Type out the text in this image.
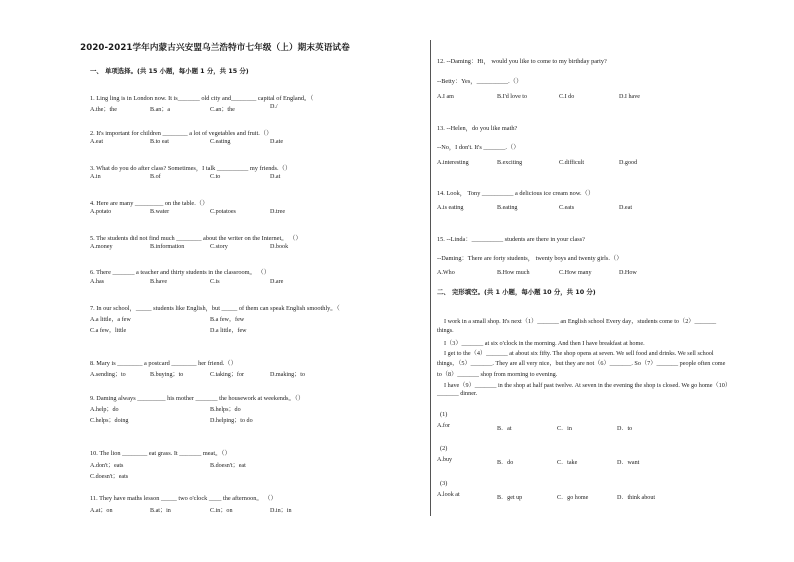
2020-2021学年内蒙古兴安盟乌兰浩特市七年级（上）期末英语试卷
一、 单项选择。(共 15 小题，每小题 1 分，共 15 分)
1. Ling ling is in London now. It is_______ old city and________ capital of England。（
A.the；the	B.an；a	C.an；the	D./
2. It's important for children ________ a lot of vegetables and fruit.（）
A.eat	B.to eat	C.eating	D.ate
3. What do you do after class? Sometimes，I talk __________ my friends.（）
A.in	B.of	C.to	D.at
4. Here are many _________ on the table.（）
A.potato	B.water	C.potatoes	D.tree
5. The students did not find much ________ about the writer on the Internet。 （）
A.money	B.information	C.story	D.book
6. There _______ a teacher and thirty students in the classroom。 （）
A.has	B.have	C.is	D.are
7. In our school，_____ students like English，but _____ of them can speak English smoothly。（
A.a little，a few	B.a few，few
C.a few，little	D.a little，few
8. Mary is ________ a postcard ________ her friend.（）
A.sending；to	B.buying；to	C.taking；for	D.making；to
9. Daming always _________ his mother _______ the housework at weekends。（）
A.help；do	B.helps；do
C.helps；doing	D.helping；to do
10. The lion ________ eat grass. It _______ meat。（）
A.don't；eats	B.doesn't；eat
C.doesn't；eats
11. They have maths lesson _____ two o'clock ____ the afternoon。 （）
A.at；on	B.at；in	C.in；on	D.in；in
12. --Daming：Hi， would you like to come to my birthday party?
--Betty：Yes，__________.（）
A.I am	B.I'd love to	C.I do	D.I have
13. --Helen，do you like math?
--No，I don't. It's _______.（）
A.interesting	B.exciting	C.difficult	D.good
14. Look， Tony __________ a delicious ice cream now.（）
A.is eating	B.eating	C.eats	D.eat
15. --Linda：__________ students are there in your class?
--Daming：There are forty students， twenty boys and twenty girls.（）
A.Who	B.How much	C.How many	D.How
二、 完形填空。(共 1 小题，每小题 10 分，共 10 分)
I work in a small shop. It's next（1）_______ an English school Every day，students come to（2）_______
things.
I（3）_______ at six o'clock in the morning. And then I have breakfast at home.
I get to the（4）_______ at about six fifty. The shop opens at seven. We sell food and drinks. We sell school
things，（5）_______. They are all very nice，but they are not（6）_______. So（7）_______ people often come
to（8）_______ shop from morning to evening.
I have（9）_______ in the shop at half past twelve. At seven in the evening the shop is closed. We go home（10）
_______ dinner.
(1)
A.for	B．at	C．in	D．to
(2)
A.buy	B．do	C．take	D．want
(3)
A.look at	B．get up	C．go home	D．think about
